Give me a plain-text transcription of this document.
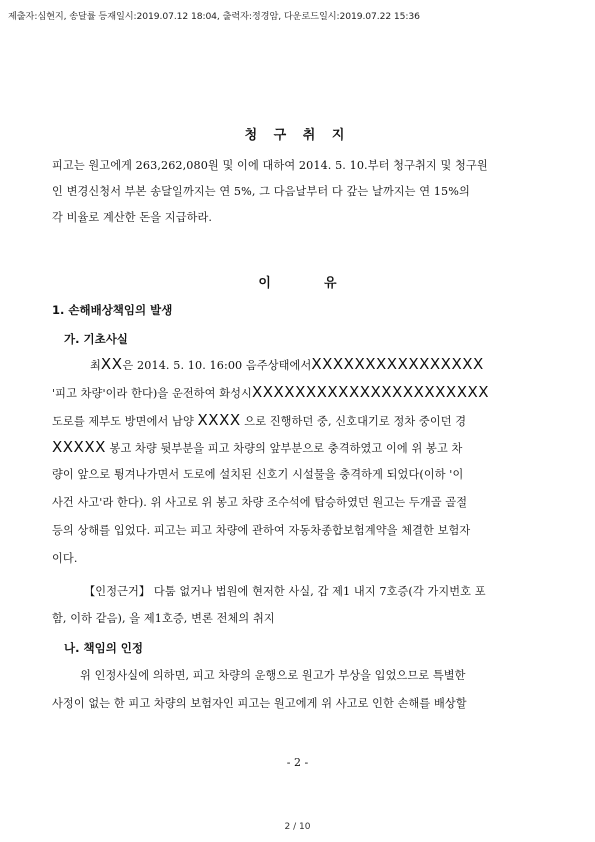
제출자:심현지, 송달률 등재일시:2019.07.12 18:04, 출력자:정경암, 다운로드일시:2019.07.22 15:36
청 구 취 지
피고는 원고에게 263,262,080원 및 이에 대하여 2014. 5. 10.부터 청구취지 및 청구원
인 변경신청서 부본 송달일까지는 연 5%, 그 다음날부터 다 갚는 날까지는 연 15%의
각 비율로 계산한 돈을 지급하라.
이	유
1. 손해배상책임의 발생
가. 기초사실
최XX은 2014. 5. 10. 16:00 음주상태에서XXXXXXXXXXXXXXXX
'피고 차량'이라 한다)을 운전하여 화성시XXXXXXXXXXXXXXXXXXXXXX
도로를 제부도 방면에서 남양 XXXX 으로 진행하던 중, 신호대기로 정차 중이던 경
XXXXX 봉고 차량 뒷부분을 피고 차량의 앞부분으로 충격하였고 이에 위 봉고 차
량이 앞으로 튕겨나가면서 도로에 설치된 신호기 시설물을 충격하게 되었다(이하 '이
사건 사고'라 한다). 위 사고로 위 봉고 차량 조수석에 탑승하였던 원고는 두개골 골절
등의 상해를 입었다. 피고는 피고 차량에 관하여 자동차종합보험계약을 체결한 보험자
이다.
【인정근거】 다툼 없거나 법원에 현저한 사실, 갑 제1 내지 7호증(각 가지번호 포
함, 이하 같음), 을 제1호증, 변론 전체의 취지
나. 책임의 인정
위 인정사실에 의하면, 피고 차량의 운행으로 원고가 부상을 입었으므로 특별한
사정이 없는 한 피고 차량의 보험자인 피고는 원고에게 위 사고로 인한 손해를 배상할
- 2 -
2 / 10
